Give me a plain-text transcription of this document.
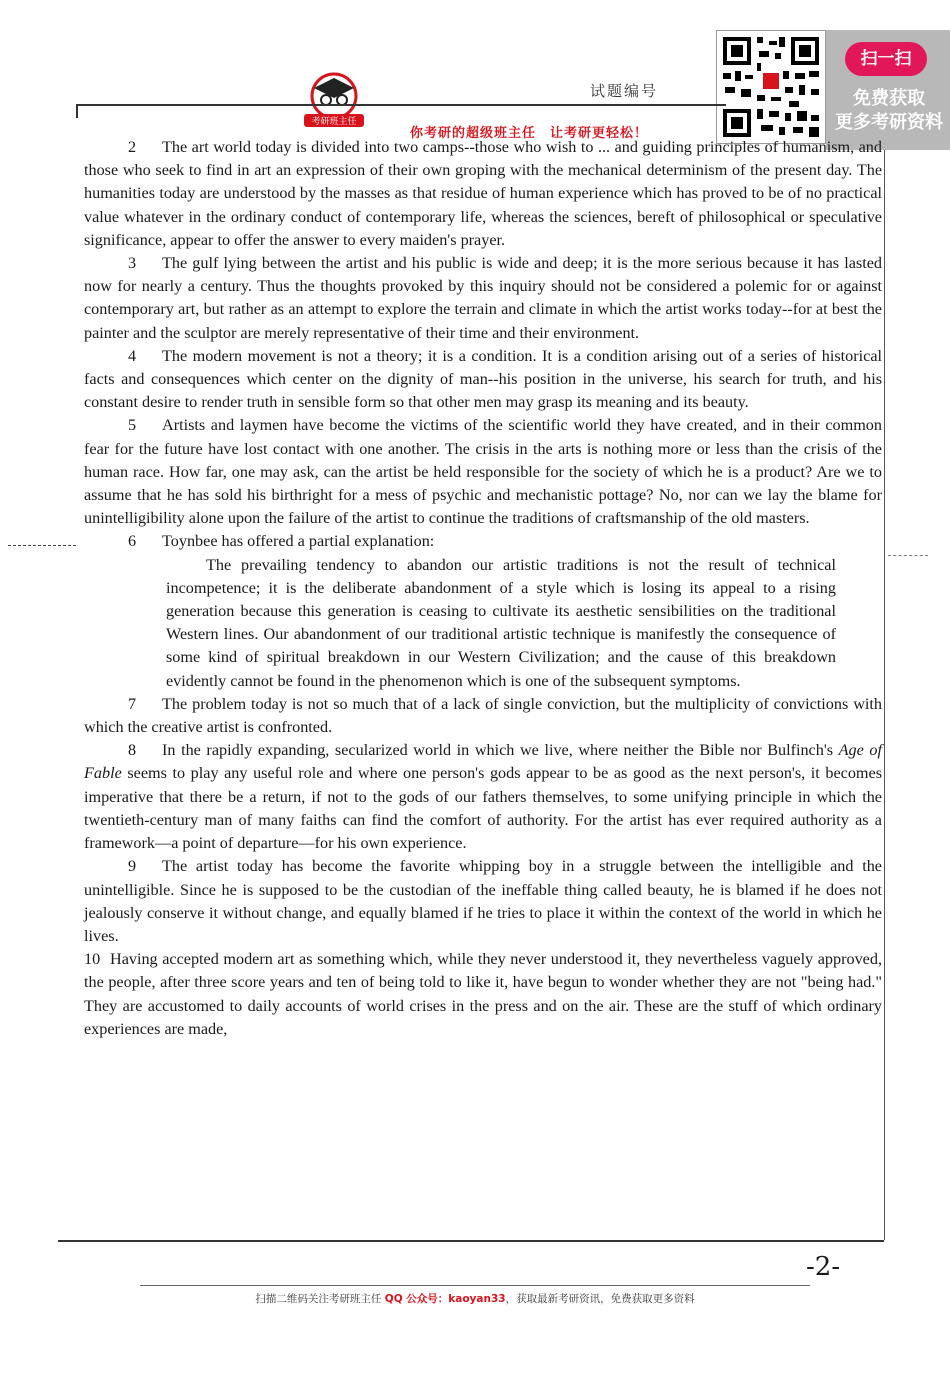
考研班主任
你考研的超级班主任　让考研更轻松！
试题编号
扫一扫
免费获取
更多考研资料

2 The art world today is divided into two camps--those who wish to ... and guiding principles of humanism, and those who seek to find in art an expression of their own groping with the mechanical determinism of the present day. The humanities today are understood by the masses as that residue of human experience which has proved to be of no practical value whatever in the ordinary conduct of contemporary life, whereas the sciences, bereft of philosophical or speculative significance, appear to offer the answer to every maiden's prayer.

3 The gulf lying between the artist and his public is wide and deep; it is the more serious because it has lasted now for nearly a century. Thus the thoughts provoked by this inquiry should not be considered a polemic for or against contemporary art, but rather as an attempt to explore the terrain and climate in which the artist works today--for at best the painter and the sculptor are merely representative of their time and their environment.

4 The modern movement is not a theory; it is a condition. It is a condition arising out of a series of historical facts and consequences which center on the dignity of man--his position in the universe, his search for truth, and his constant desire to render truth in sensible form so that other men may grasp its meaning and its beauty.

5 Artists and laymen have become the victims of the scientific world they have created, and in their common fear for the future have lost contact with one another. The crisis in the arts is nothing more or less than the crisis of the human race. How far, one may ask, can the artist be held responsible for the society of which he is a product? Are we to assume that he has sold his birthright for a mess of psychic and mechanistic pottage? No, nor can we lay the blame for unintelligibility alone upon the failure of the artist to continue the traditions of craftsmanship of the old masters.

6 Toynbee has offered a partial explanation:

The prevailing tendency to abandon our artistic traditions is not the result of technical incompetence; it is the deliberate abandonment of a style which is losing its appeal to a rising generation because this generation is ceasing to cultivate its aesthetic sensibilities on the traditional Western lines. Our abandonment of our traditional artistic technique is manifestly the consequence of some kind of spiritual breakdown in our Western Civilization; and the cause of this breakdown evidently cannot be found in the phenomenon which is one of the subsequent symptoms.

7 The problem today is not so much that of a lack of single conviction, but the multiplicity of convictions with which the creative artist is confronted.

8 In the rapidly expanding, secularized world in which we live, where neither the Bible nor Bulfinch's Age of Fable seems to play any useful role and where one person's gods appear to be as good as the next person's, it becomes imperative that there be a return, if not to the gods of our fathers themselves, to some unifying principle in which the twentieth-century man of many faiths can find the comfort of authority. For the artist has ever required authority as a framework—a point of departure—for his own experience.

9 The artist today has become the favorite whipping boy in a struggle between the intelligible and the unintelligible. Since he is supposed to be the custodian of the ineffable thing called beauty, he is blamed if he does not jealously conserve it without change, and equally blamed if he tries to place it within the context of the world in which he lives.

10 Having accepted modern art as something which, while they never understood it, they nevertheless vaguely approved, the people, after three score years and ten of being told to like it, have begun to wonder whether they are not "being had." They are accustomed to daily accounts of world crises in the press and on the air. These are the stuff of which ordinary experiences are made,

-2-
扫描二维码关注考研班主任 QQ 公众号：kaoyan33，获取最新考研资讯，免费获取更多资料
